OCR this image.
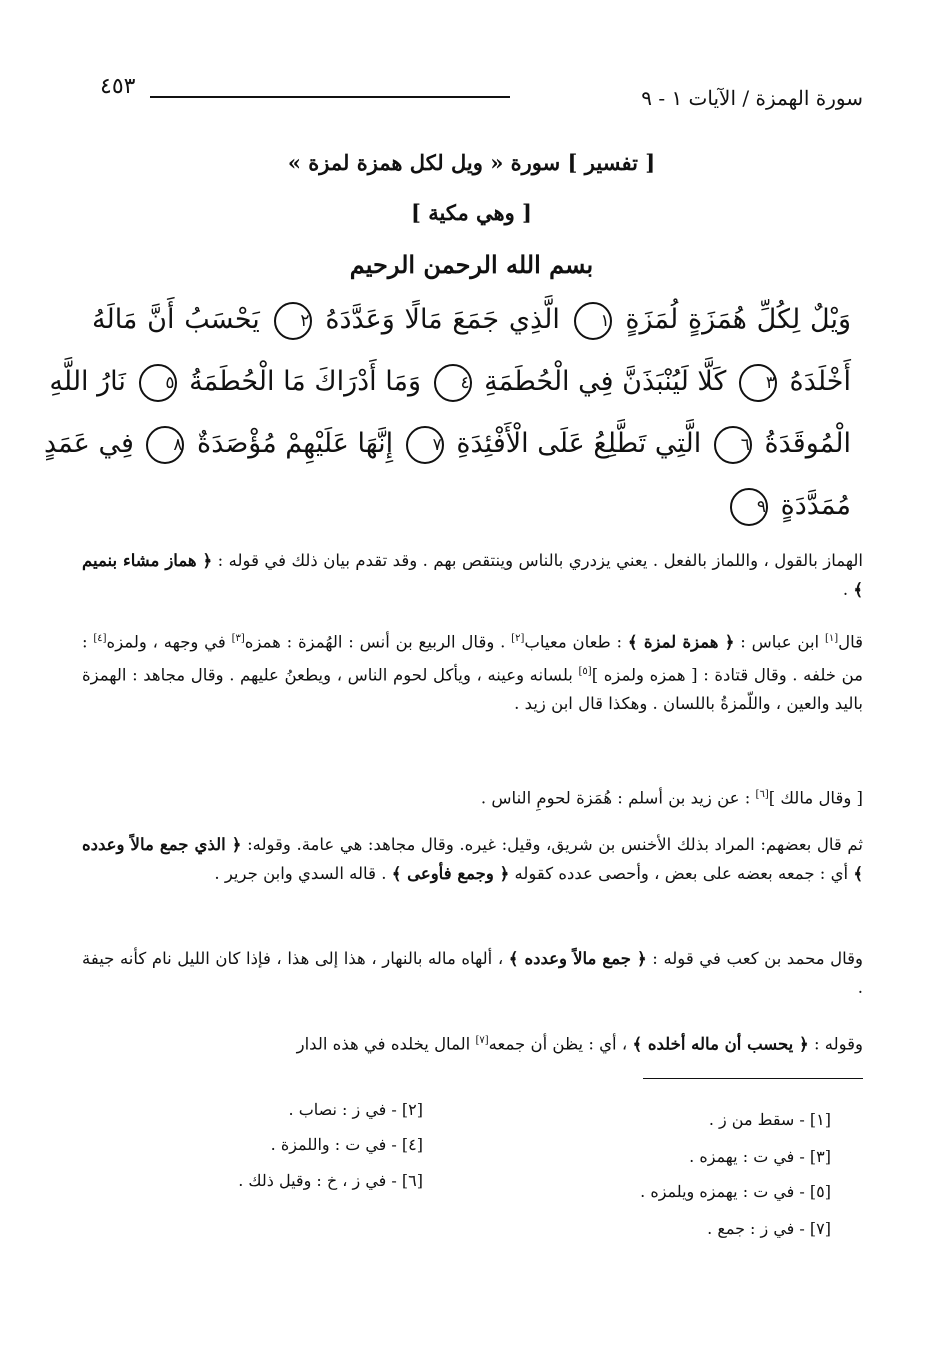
سورة الهمزة / الآيات ١ - ٩
٤٥٣
[ تفسير ] سورة « ويل لكل همزة لمزة »
[ وهي مكية ]
بسم الله الرحمن الرحيم
وَيْلٌ لِكُلِّ هُمَزَةٍ لُمَزَةٍ ١ الَّذِي جَمَعَ مَالًا وَعَدَّدَهُ ٢ يَحْسَبُ أَنَّ مَالَهُ
أَخْلَدَهُ ٣ كَلَّا لَيُنْبَذَنَّ فِي الْحُطَمَةِ ٤ وَمَا أَدْرَاكَ مَا الْحُطَمَةُ ٥ نَارُ اللَّهِ
الْمُوقَدَةُ ٦ الَّتِي تَطَّلِعُ عَلَى الْأَفْئِدَةِ ٧ إِنَّهَا عَلَيْهِمْ مُؤْصَدَةٌ ٨ فِي عَمَدٍ
مُمَدَّدَةٍ ٩

الهماز بالقول ، واللماز بالفعل . يعني يزدري بالناس وينتقص بهم . وقد تقدم بيان ذلك في قوله : ﴿ هماز مشاء بنميم ﴾ .

قال[١] ابن عباس : ﴿ همزة لمزة ﴾ : طعان معياب[٢] . وقال الربيع بن أنس : الهُمزة : همزه[٣] في وجهه ، ولمزه[٤] : من خلفه . وقال قتادة : [ همزه ولمزه ][٥] بلسانه وعينه ، ويأكل لحوم الناس ، ويطعنُ عليهم . وقال مجاهد : الهمزة باليد والعين ، واللّمزةُ باللسان . وهكذا قال ابن زيد .

[ وقال مالك ][٦] : عن زيد بن أسلم : هُمَزة لحومِ الناس .

ثم قال بعضهم: المراد بذلك الأخنس بن شريق، وقيل: غيره. وقال مجاهد: هي عامة. وقوله: ﴿ الذي جمع مالاً وعدده ﴾ أي : جمعه بعضه على بعض ، وأحصى عدده كقوله ﴿ وجمع فأوعى ﴾ . قاله السدي وابن جرير .

وقال محمد بن كعب في قوله : ﴿ جمع مالاً وعدده ﴾ ، ألهاه ماله بالنهار ، هذا إلى هذا ، فإذا كان الليل نام كأنه جيفة .

وقوله : ﴿ يحسب أن ماله أخلده ﴾ ، أي : يظن أن جمعه[٧] المال يخلده في هذه الدار

[١] - سقط من ز .
[٢] - في ز : نصاب .
[٣] - في ت : يهمزه .
[٤] - في ت : واللمزة .
[٥] - في ت : يهمزه ويلمزه .
[٦] - في ز ، خ : وقيل ذلك .
[٧] - في ز : جمع .
